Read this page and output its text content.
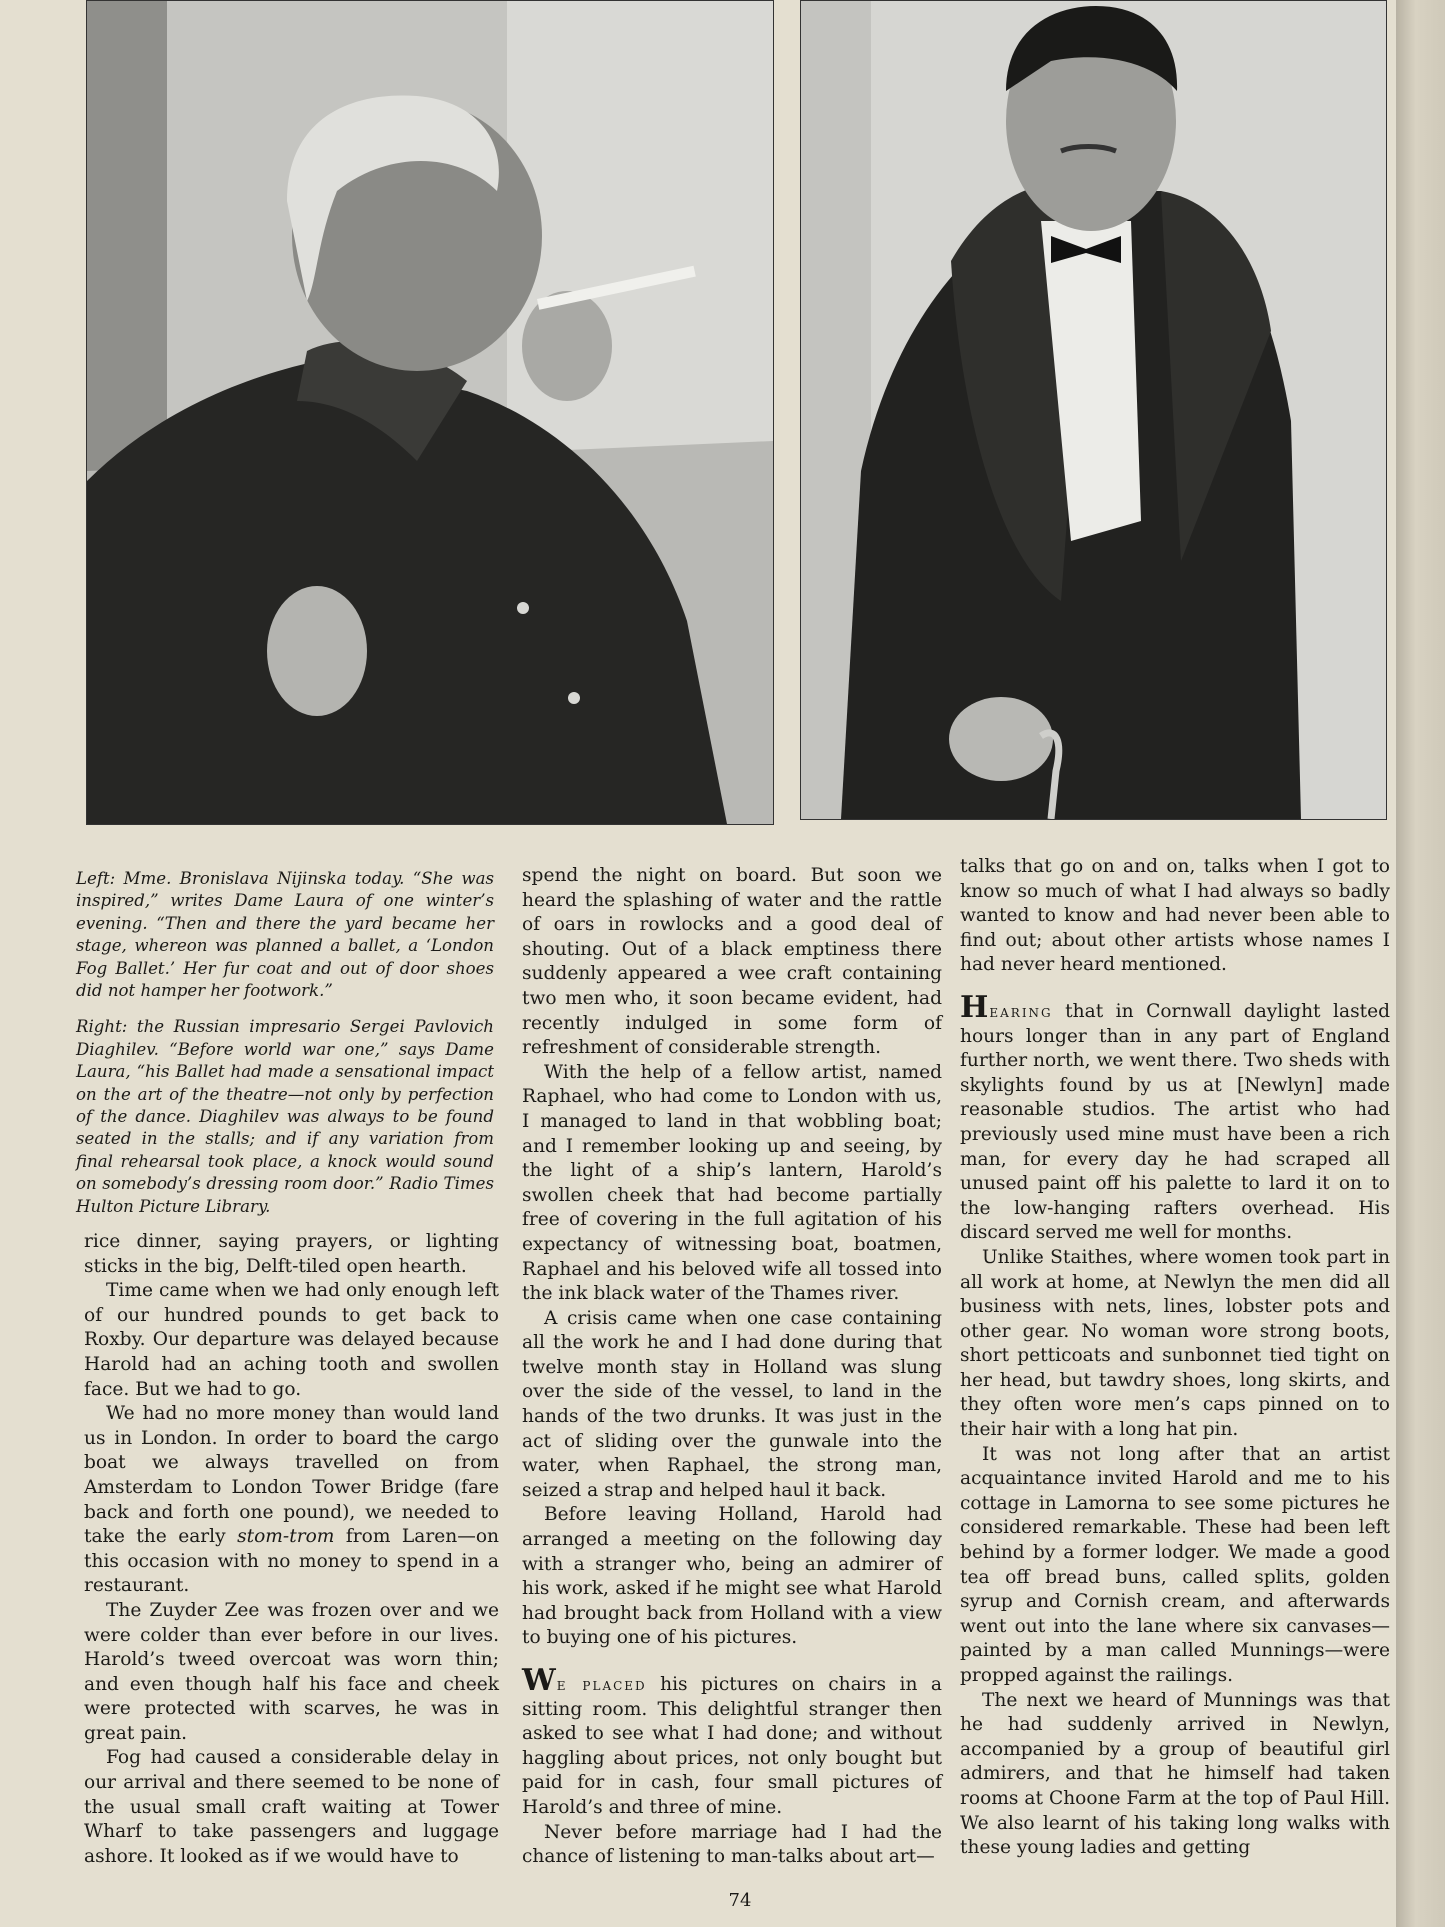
Left: Mme. Bronislava Nijinska today. “She was inspired,” writes Dame Laura of one winter’s evening. “Then and there the yard became her stage, whereon was planned a ballet, a ‘London Fog Ballet.’ Her fur coat and out of door shoes did not hamper her footwork.”

Right: the Russian impresario Sergei Pavlovich Diaghilev. “Before world war one,” says Dame Laura, “his Ballet had made a sensational impact on the art of the theatre—not only by perfection of the dance. Diaghilev was always to be found seated in the stalls; and if any variation from final rehearsal took place, a knock would sound on somebody’s dressing room door.” Radio Times Hulton Picture Library.

rice dinner, saying prayers, or lighting sticks in the big, Delft-tiled open hearth.

Time came when we had only enough left of our hundred pounds to get back to Roxby. Our departure was delayed because Harold had an aching tooth and swollen face. But we had to go.

We had no more money than would land us in London. In order to board the cargo boat we always travelled on from Amsterdam to London Tower Bridge (fare back and forth one pound), we needed to take the early stom-trom from Laren—on this occasion with no money to spend in a restaurant.

The Zuyder Zee was frozen over and we were colder than ever before in our lives. Harold’s tweed overcoat was worn thin; and even though half his face and cheek were protected with scarves, he was in great pain.

Fog had caused a considerable delay in our arrival and there seemed to be none of the usual small craft waiting at Tower Wharf to take passengers and luggage ashore. It looked as if we would have to

spend the night on board. But soon we heard the splashing of water and the rattle of oars in rowlocks and a good deal of shouting. Out of a black emptiness there suddenly appeared a wee craft containing two men who, it soon became evident, had recently indulged in some form of refreshment of considerable strength.

With the help of a fellow artist, named Raphael, who had come to London with us, I managed to land in that wobbling boat; and I remember looking up and seeing, by the light of a ship’s lantern, Harold’s swollen cheek that had become partially free of covering in the full agitation of his expectancy of witnessing boat, boatmen, Raphael and his beloved wife all tossed into the ink black water of the Thames river.

A crisis came when one case containing all the work he and I had done during that twelve month stay in Holland was slung over the side of the vessel, to land in the hands of the two drunks. It was just in the act of sliding over the gunwale into the water, when Raphael, the strong man, seized a strap and helped haul it back.

Before leaving Holland, Harold had arranged a meeting on the following day with a stranger who, being an admirer of his work, asked if he might see what Harold had brought back from Holland with a view to buying one of his pictures.

We placed his pictures on chairs in a sitting room. This delightful stranger then asked to see what I had done; and without haggling about prices, not only bought but paid for in cash, four small pictures of Harold’s and three of mine.

Never before marriage had I had the chance of listening to man-talks about art—

talks that go on and on, talks when I got to know so much of what I had always so badly wanted to know and had never been able to find out; about other artists whose names I had never heard mentioned.

Hearing that in Cornwall daylight lasted hours longer than in any part of England further north, we went there. Two sheds with skylights found by us at [Newlyn] made reasonable studios. The artist who had previously used mine must have been a rich man, for every day he had scraped all unused paint off his palette to lard it on to the low-hanging rafters overhead. His discard served me well for months.

Unlike Staithes, where women took part in all work at home, at Newlyn the men did all business with nets, lines, lobster pots and other gear. No woman wore strong boots, short petticoats and sunbonnet tied tight on her head, but tawdry shoes, long skirts, and they often wore men’s caps pinned on to their hair with a long hat pin.

It was not long after that an artist acquaintance invited Harold and me to his cottage in Lamorna to see some pictures he considered remarkable. These had been left behind by a former lodger. We made a good tea off bread buns, called splits, golden syrup and Cornish cream, and afterwards went out into the lane where six canvases—painted by a man called Munnings—were propped against the railings.

The next we heard of Munnings was that he had suddenly arrived in Newlyn, accompanied by a group of beautiful girl admirers, and that he himself had taken rooms at Choone Farm at the top of Paul Hill. We also learnt of his taking long walks with these young ladies and getting

74
